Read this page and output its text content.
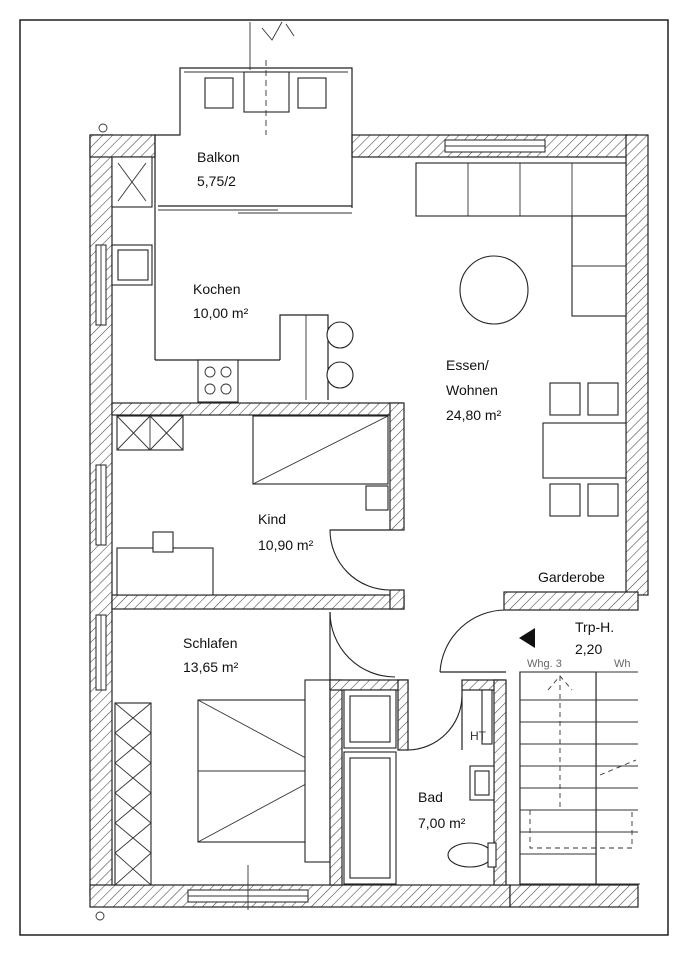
Balkon
5,75/2
Kochen
10,00 m²
Essen/
Wohnen
24,80 m²
Kind
10,90 m²
Garderobe
Schlafen
13,65 m²
Trp-H.
2,20
Whg. 3	Wh
HT
Bad
7,00 m²
